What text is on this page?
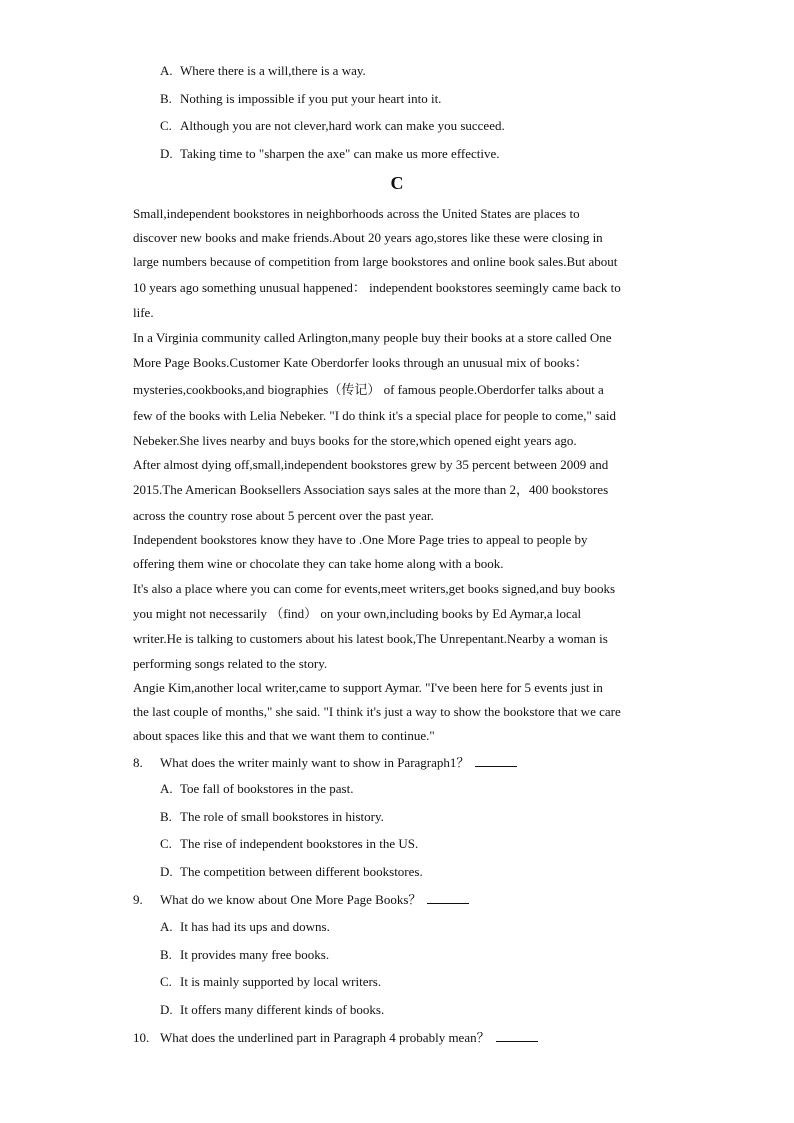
A. Where there is a will,there is a way.
B. Nothing is impossible if you put your heart into it.
C. Although you are not clever,hard work can make you succeed.
D. Taking time to "sharpen the axe" can make us more effective.
C
Small,independent bookstores in neighborhoods across the United States are places to
discover new books and make friends.About 20 years ago,stores like these were closing in
large numbers because of competition from large bookstores and online book sales.But about
10 years ago something unusual happened： independent bookstores seemingly came back to
life.
In a Virginia community called Arlington,many people buy their books at a store called One
More Page Books.Customer Kate Oberdorfer looks through an unusual mix of books：
mysteries,cookbooks,and biographies（传记） of famous people.Oberdorfer talks about a
few of the books with Lelia Nebeker. "I do think it's a special place for people to come," said
Nebeker.She lives nearby and buys books for the store,which opened eight years ago.
After almost dying off,small,independent bookstores grew by 35 percent between 2009 and
2015.The American Booksellers Association says sales at the more than 2，400 bookstores
across the country rose about 5 percent over the past year.
Independent bookstores know they have to .One More Page tries to appeal to people by
offering them wine or chocolate they can take home along with a book.
It's also a place where you can come for events,meet writers,get books signed,and buy books
you might not necessarily （find） on your own,including books by Ed Aymar,a local
writer.He is talking to customers about his latest book,The Unrepentant.Nearby a woman is
performing songs related to the story.
Angie Kim,another local writer,came to support Aymar. "I've been here for 5 events just in
the last couple of months," she said. "I think it's just a way to show the bookstore that we care
about spaces like this and that we want them to continue."
8. What does the writer mainly want to show in Paragraph1？
A. Toe fall of bookstores in the past.
B. The role of small bookstores in history.
C. The rise of independent bookstores in the US.
D. The competition between different bookstores.
9. What do we know about One More Page Books？
A. It has had its ups and downs.
B. It provides many free books.
C. It is mainly supported by local writers.
D. It offers many different kinds of books.
10. What does the underlined part in Paragraph 4 probably mean？
